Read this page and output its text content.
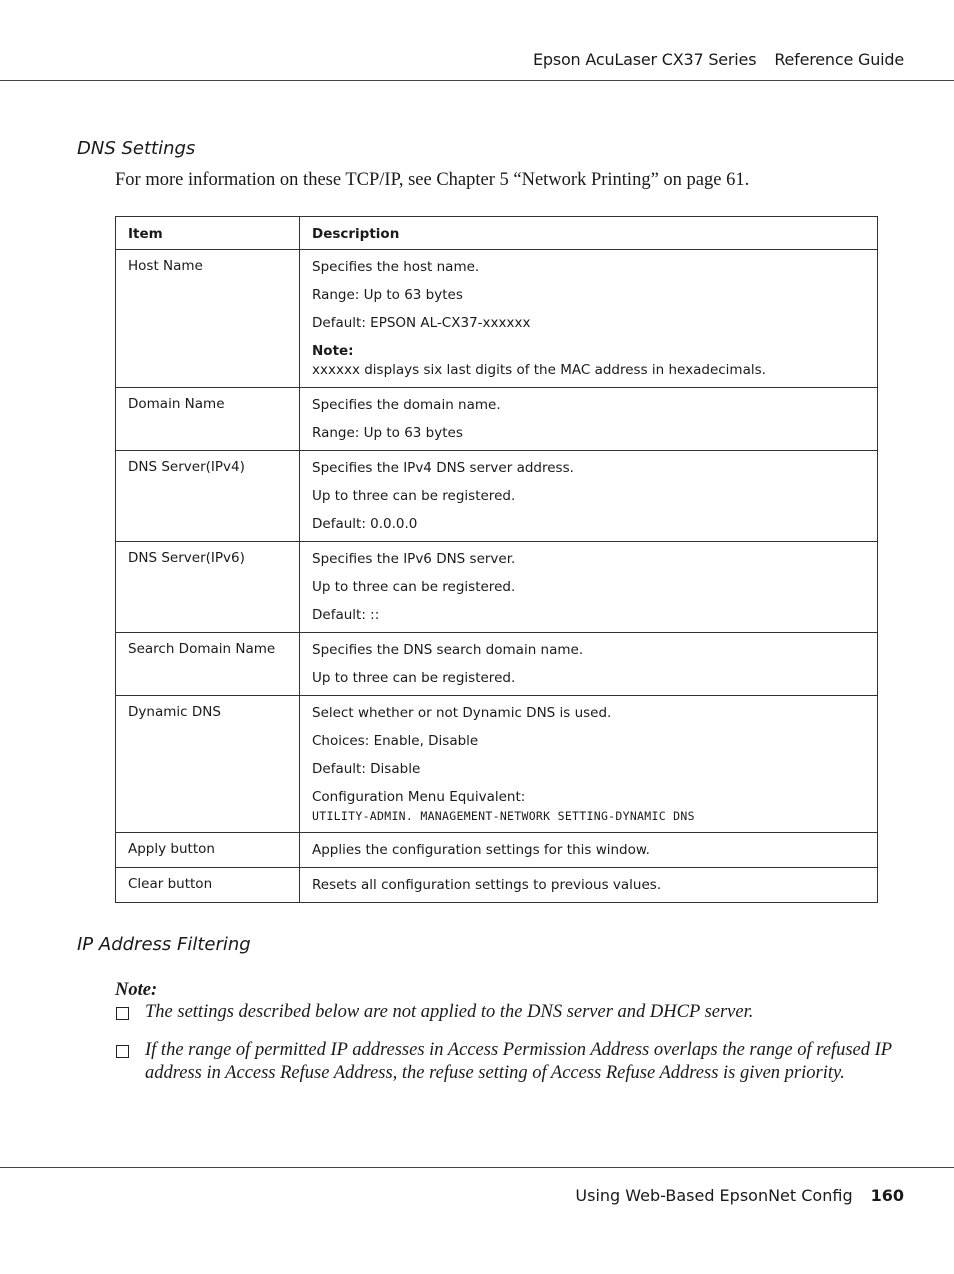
Epson AcuLaser CX37 Series Reference Guide
DNS Settings
For more information on these TCP/IP, see Chapter 5 “Network Printing” on page 61.
Item	Description
Host Name	Specifies the host name.
Range: Up to 63 bytes
Default: EPSON AL-CX37-xxxxxx
Note:
xxxxxx displays six last digits of the MAC address in hexadecimals.

Domain Name	Specifies the domain name.
Range: Up to 63 bytes

DNS Server(IPv4)	Specifies the IPv4 DNS server address.
Up to three can be registered.
Default: 0.0.0.0

DNS Server(IPv6)	Specifies the IPv6 DNS server.
Up to three can be registered.
Default: ::

Search Domain Name	Specifies the DNS search domain name.
Up to three can be registered.

Dynamic DNS	Select whether or not Dynamic DNS is used.
Choices: Enable, Disable
Default: Disable
Configuration Menu Equivalent:
UTILITY-ADMIN. MANAGEMENT-NETWORK SETTING-DYNAMIC DNS

Apply button	Applies the configuration settings for this window.

Clear button	Resets all configuration settings to previous values.
IP Address Filtering
Note:
The settings described below are not applied to the DNS server and DHCP server.
If the range of permitted IP addresses in Access Permission Address overlaps the range of refused IP address in Access Refuse Address, the refuse setting of Access Refuse Address is given priority.
Using Web-Based EpsonNet Config 160
